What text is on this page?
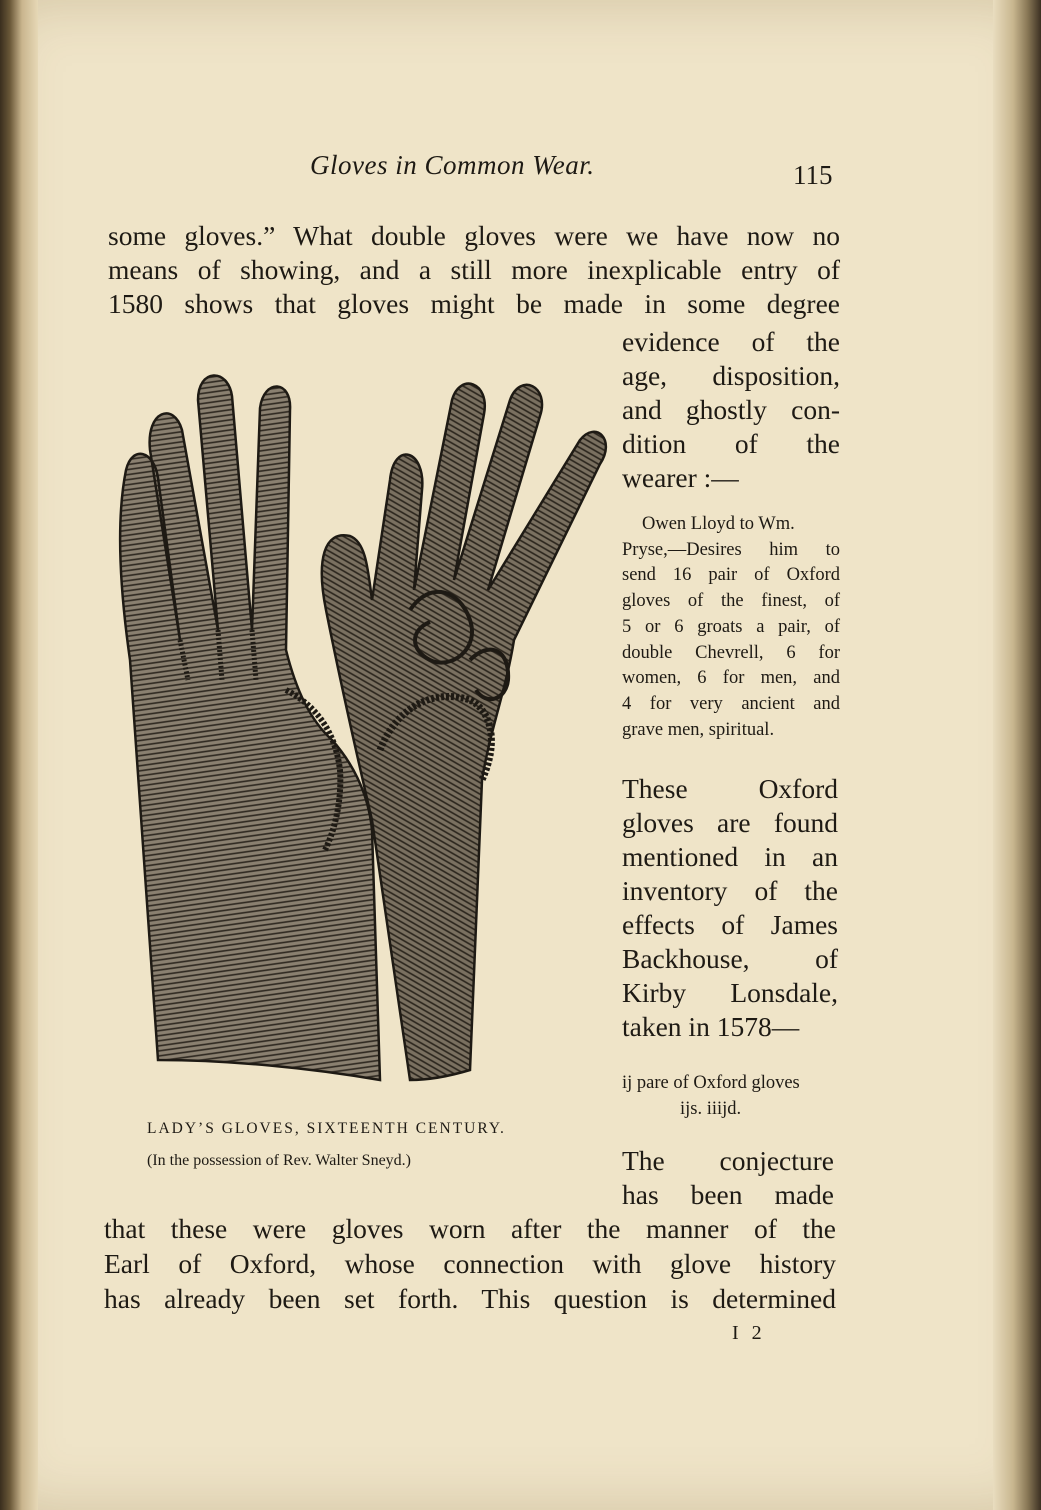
Gloves in Common Wear.	115
some gloves.” What double gloves were we have now no
means of showing, and a still more inexplicable entry of
1580 shows that gloves might be made in some degree
evidence of the
age, disposition,
and ghostly con-
dition of the
wearer :—
Owen Lloyd to Wm.
Pryse,—Desires him to
send 16 pair of Oxford
gloves of the finest, of
5 or 6 groats a pair, of
double Chevrell, 6 for
women, 6 for men, and
4 for very ancient and
grave men, spiritual.
These Oxford
gloves are found
mentioned in an
inventory of the
effects of James
Backhouse, of
Kirby Lonsdale,
taken in 1578—
ij pare of Oxford gloves
ijs. iiijd.
The conjecture
has been made
that these were gloves worn after the manner of the
Earl of Oxford, whose connection with glove history
has already been set forth. This question is determined
I 2
LADY’S GLOVES, SIXTEENTH CENTURY.
(In the possession of Rev. Walter Sneyd.)
